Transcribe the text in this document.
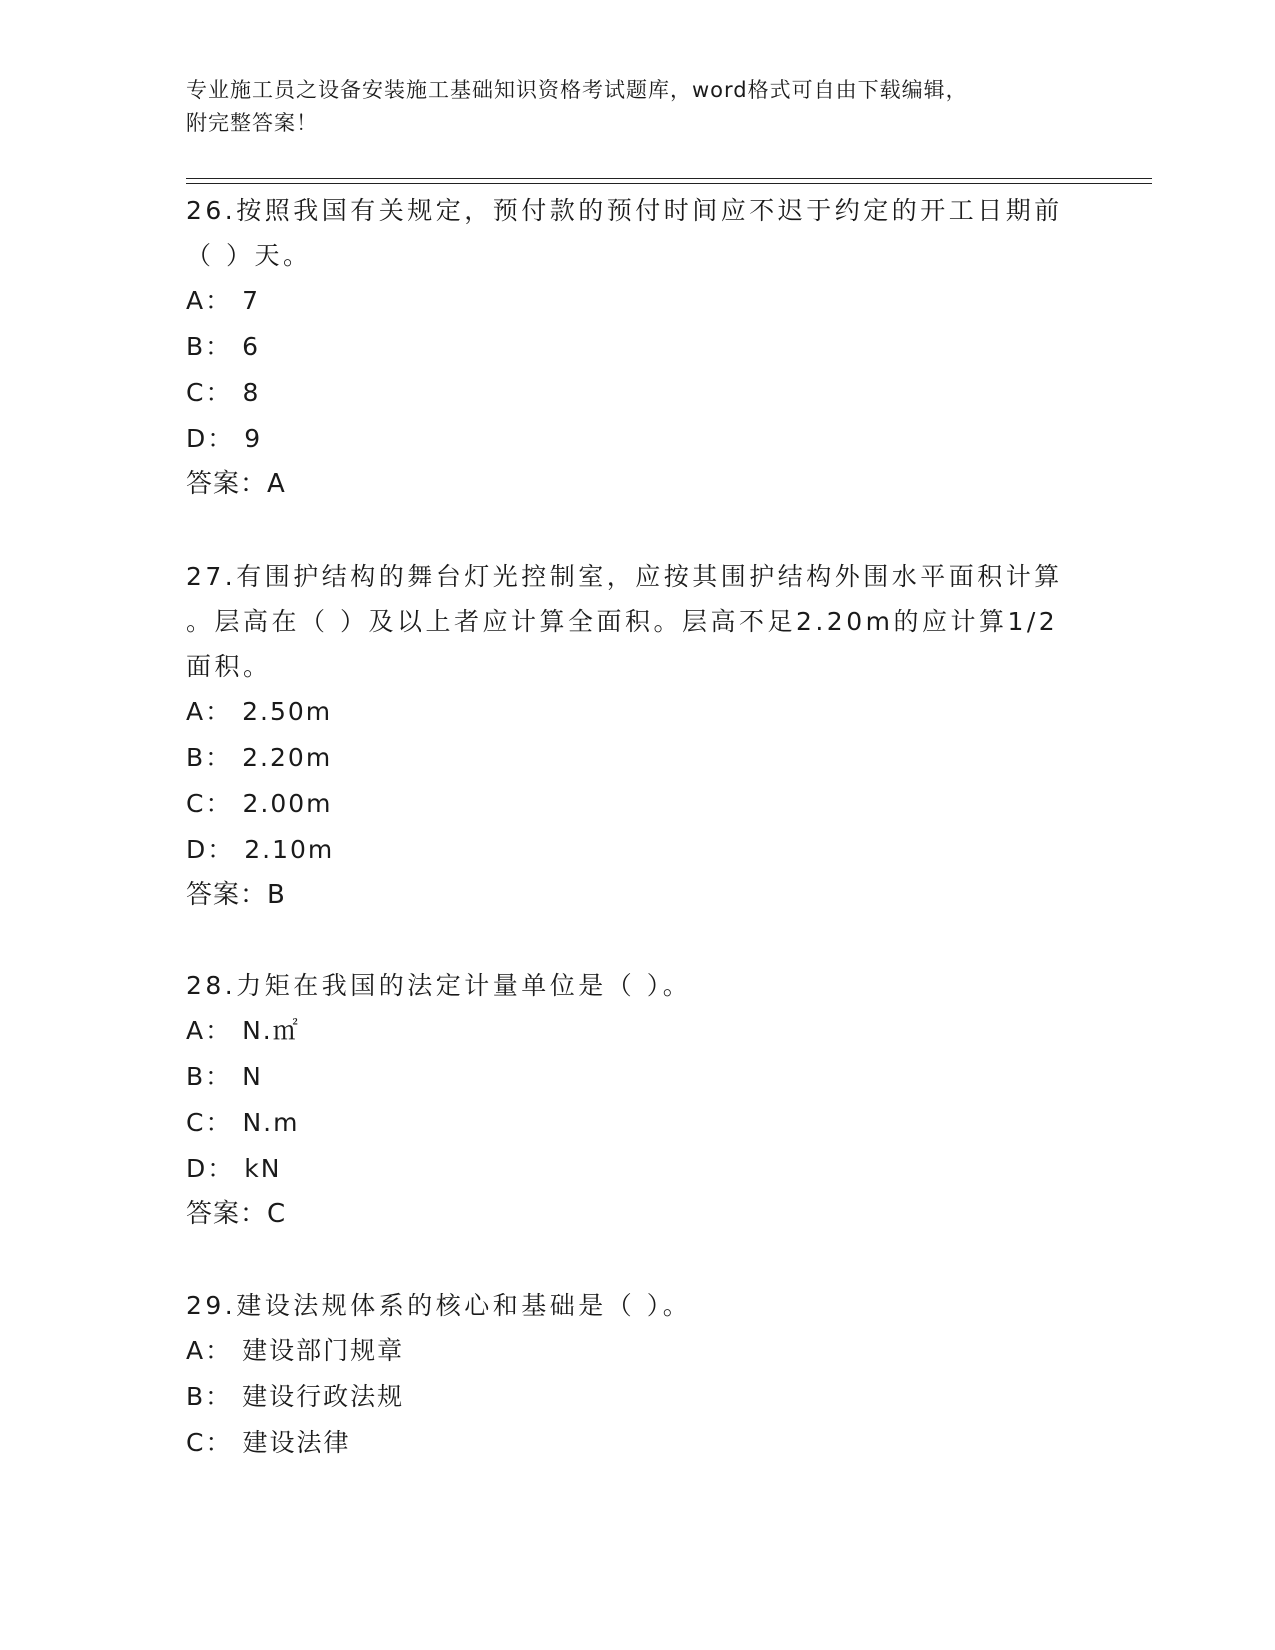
专业施工员之设备安装施工基础知识资格考试题库，word格式可自由下载编辑，
附完整答案！

26.按照我国有关规定，预付款的预付时间应不迟于约定的开工日期前

（ ）天。

A： 7

B： 6

C： 8

D： 9

答案：A

27.有围护结构的舞台灯光控制室，应按其围护结构外围水平面积计算

。层高在（ ）及以上者应计算全面积。层高不足2.20m的应计算1/2

面积。

A： 2.50m

B： 2.20m

C： 2.00m

D： 2.10m

答案：B

28.力矩在我国的法定计量单位是（ ）。

A： N.㎡

B： N

C： N.m

D： kN

答案：C

29.建设法规体系的核心和基础是（ ）。

A： 建设部门规章

B： 建设行政法规

C： 建设法律
